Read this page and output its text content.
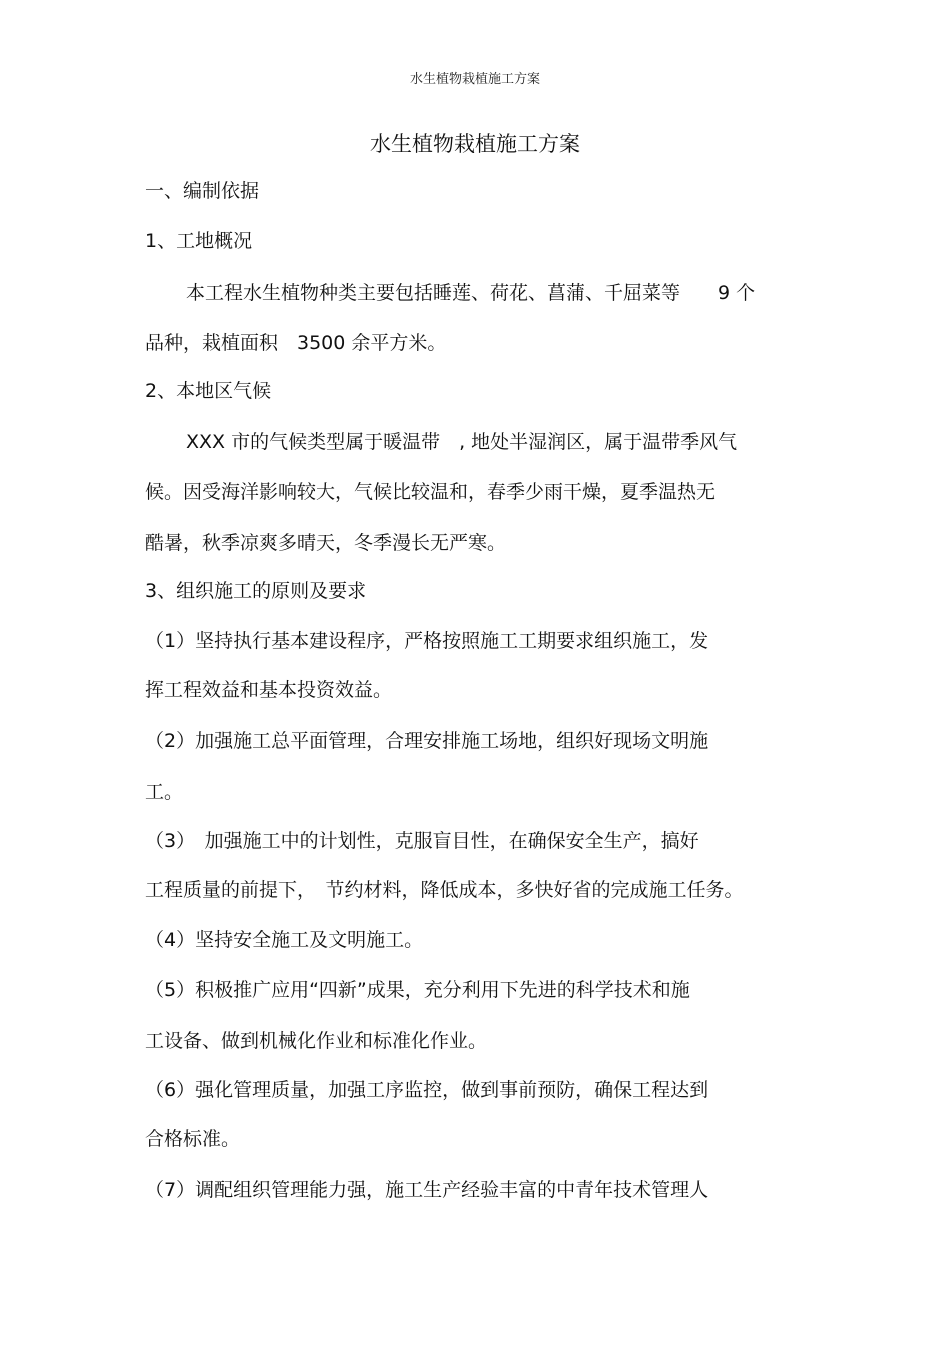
水生植物栽植施工方案
水生植物栽植施工方案
一、编制依据
1、工地概况
本工程水生植物种类主要包括睡莲、荷花、菖蒲、千屈菜等　　9 个
品种，栽植面积　3500 余平方米。
2、本地区气候
XXX 市的气候类型属于暖温带　, 地处半湿润区，属于温带季风气
候。因受海洋影响较大，气候比较温和，春季少雨干燥，夏季温热无
酷暑，秋季凉爽多晴天，冬季漫长无严寒。
3、组织施工的原则及要求
（1）坚持执行基本建设程序，严格按照施工工期要求组织施工，发
挥工程效益和基本投资效益。
（2）加强施工总平面管理，合理安排施工场地，组织好现场文明施
工。
（3）　加强施工中的计划性，克服盲目性，在确保安全生产，搞好
工程质量的前提下，　节约材料，降低成本，多快好省的完成施工任务。
（4）坚持安全施工及文明施工。
（5）积极推广应用“四新”成果，充分利用下先进的科学技术和施
工设备、做到机械化作业和标准化作业。
（6）强化管理质量，加强工序监控，做到事前预防，确保工程达到
合格标准。
（7）调配组织管理能力强，施工生产经验丰富的中青年技术管理人
